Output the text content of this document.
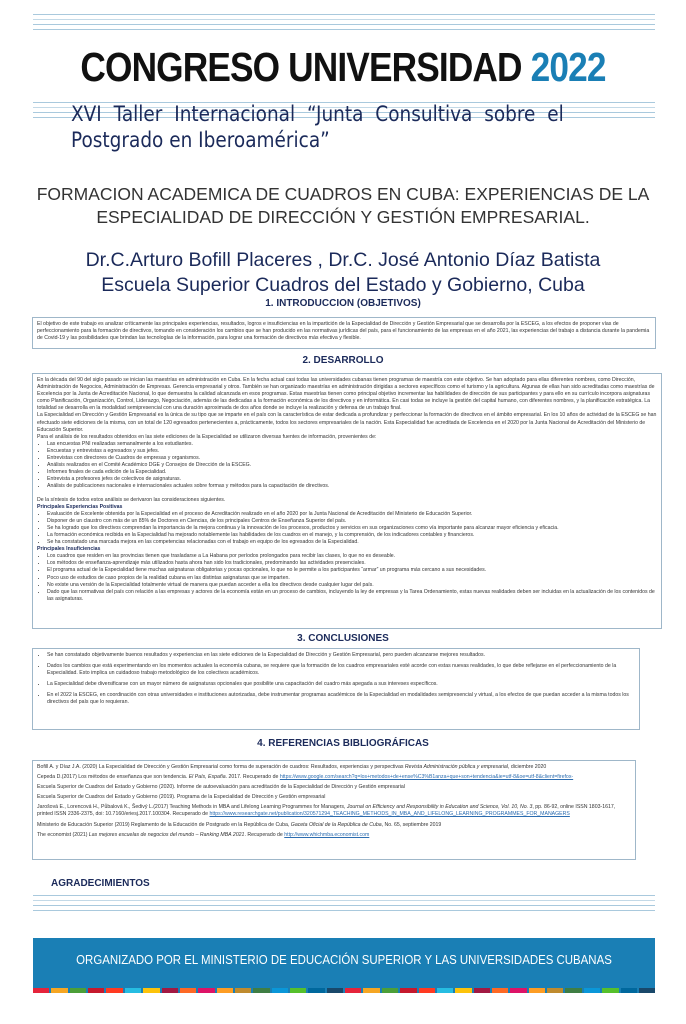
CONGRESO UNIVERSIDAD 2022
XVI Taller Internacional “Junta Consultiva sobre el Postgrado en Iberoamérica”
FORMACION ACADEMICA DE CUADROS EN CUBA: EXPERIENCIAS DE LA
ESPECIALIDAD DE DIRECCIÓN Y GESTIÓN EMPRESARIAL.
Dr.C.Arturo Bofill Placeres , Dr.C. José Antonio Díaz Batista
Escuela Superior Cuadros del Estado y Gobierno, Cuba
1. INTRODUCCION (OBJETIVOS)

El objetivo de este trabajo es analizar críticamente las principales experiencias, resultados, logros e insuficiencias en la impartición de la Especialidad de Dirección y Gestión Empresarial que se desarrolla por la ESCEG, a los efectos de proponer vías de perfeccionamiento para la formación de directivos, tomando en consideración los cambios que se han producido en las normativas jurídicas del país, para el funcionamiento de las empresas en el año 2021, las experiencias del trabajo a distancia durante la pandemia de Covid-19 y las posibilidades que brindan las tecnologías de la información, para lograr una formación de directivos más efectiva y flexible.

2. DESARROLLO

En la década del 90 del siglo pasado se inician las maestrías en administración en Cuba. En la fecha actual casi todas las universidades cubanas tienen programas de maestría con este objetivo. Se han adoptado para ellas diferentes nombres, como Dirección, Administración de Negocios, Administración de Empresas. Gerencia empresarial y otros. También se han organizado maestrías en administración dirigidas a sectores específicos como el turismo y la agricultura. Algunas de ellas han sido acreditadas como maestrías de Excelencia por la Junta de Acreditación Nacional, lo que demuestra la calidad alcanzada en esos programas. Estas maestrías tienen como principal objetivo incrementar las habilidades de dirección de sus participantes y para ello en su currículo incorpora asignaturas como Planificación, Organización, Control, Liderazgo, Negociación, además de las dedicadas a la formación económica de los directivos y en informática. En casi todas se incluye la gestión del capital humano, con diferentes nombres, y la planificación estratégica. La totalidad se desarrolla en la modalidad semipresencial con una duración aproximada de dos años donde se incluye la realización y defensa de un trabajo final.

La Especialidad en Dirección y Gestión Empresarial es la única de su tipo que se imparte en el país con la característica de estar dedicada a profundizar y perfeccionar la formación de directivos en el ámbito empresarial. En los 10 años de actividad de la ESCEG se han efectuado siete ediciones de la misma, con un total de 120 egresados pertenecientes a, prácticamente, todos los sectores empresariales de la nación. Esta Especialidad fue acreditada de Excelencia en el 2020 por la Junta Nacional de Acreditación del Ministerio de Educación Superior.

Para el análisis de los resultados obtenidos en las siete ediciones de la Especialidad se utilizaron diversas fuentes de información, provenientes de:

• Las encuestas PNI realizadas semanalmente a los estudiantes.
• Encuestas y entrevistas a egresados y sus jefes.
• Entrevistas con directores de Cuadros de empresas y organismos.
• Análisis realizados en el Comité Académico DGE y Consejos de Dirección de la ESCEG.
• Informes finales de cada edición de la Especialidad.
• Entrevista a profesores jefes de colectivos de asignaturas.
• Análisis de publicaciones nacionales e internacionales actuales sobre formas y métodos para la capacitación de directivos.

De la síntesis de todos estos análisis se derivaron las consideraciones siguientes.

Principales Experiencias Positivas

• Evaluación de Excelente obtenida por la Especialidad en el proceso de Acreditación realizado en el año 2020 por la Junta Nacional de Acreditación del Ministerio de Educación Superior.
• Disponer de un claustro con más de un 85% de Doctores en Ciencias, de los principales Centros de Enseñanza Superior del país.
• Se ha logrado que los directivos comprendan la importancia de la mejora continua y la innovación de los procesos, productos y servicios en sus organizaciones como vía importante para alcanzar mayor eficiencia y eficacia.
• La formación económica recibida en la Especialidad ha mejorado notablemente las habilidades de los cuadros en el manejo, y la comprensión, de los indicadores contables y financieros.
• Se ha constatado una marcada mejora en las competencias relacionadas con el trabajo en equipo de los egresados de la Especialidad.

Principales Insuficiencias

• Los cuadros que residen en las provincias tienen que trasladarse a La Habana por períodos prolongados para recibir las clases, lo que no es deseable.
• Los métodos de enseñanza-aprendizaje más utilizados hasta ahora han sido los tradicionales, predominando las actividades presenciales.
• El programa actual de la Especialidad tiene muchas asignaturas obligatorias y pocas opcionales, lo que no le permite a los participantes “armar” un programa más cercano a sus necesidades.
• Poco uso de estudios de caso propios de la realidad cubana en las distintas asignaturas que se imparten.
• No existe una versión de la Especialidad totalmente virtual de manera que puedan acceder a ella los directivos desde cualquier lugar del país.
• Dado que las normativas del país con relación a las empresas y actores de la economía están en un proceso de cambios, incluyendo la ley de empresas y la Tarea Ordenamiento, estas nuevas realidades deben ser incluidas en la actualización de los contenidos de las asignaturas.
3. CONCLUSIONES
• Se han constatado objetivamente buenos resultados y experiencias en las siete ediciones de la Especialidad de Dirección y Gestión Empresarial, pero pueden alcanzarse mejores resultados.
• Dados los cambios que está experimentando en los momentos actuales la economía cubana, se requiere que la formación de los cuadros empresariales esté acorde con estas nuevas realidades, lo que debe reflejarse en el perfeccionamiento de la Especialidad. Esto implica un cuidadoso trabajo metodológico de los colectivos académicos.
• La Especialidad debe diversificarse con un mayor número de asignaturas opcionales que posibilite una capacitación del cuadro más apegada a sus intereses específicos.
• En el 2022 la ESCEG, en coordinación con otras universidades e instituciones autorizadas, debe instrumentar programas académicos de la Especialidad en modalidades semipresencial y virtual, a los efectos de que puedan acceder a la misma todos los directivos del país que lo requieran.
4. REFERENCIAS BIBLIOGRÁFICAS

Bofill A. y Díaz J.A. (2020) La Especialidad de Dirección y Gestión Empresarial como forma de superación de cuadros: Resultados, experiencias y perspectivas Revista Administración pública y empresarial, diciembre 2020

Cepeda D.(2017) Los métodos de enseñanza que son tendencia. El País, España. 2017. Recuperado de https://www.google.com/search?q=los+metodos+de+ense%C3%B1anza+que+son+tendencia&ie=utf-8&oe=utf-8&client=firefox-

Escuela Superior de Cuadros del Estado y Gobierno (2020). Informe de autoevaluación para acreditación de la Especialidad de Dirección y Gestión empresarial

Escuela Superior de Cuadros del Estado y Gobierno (2019). Programa de la Especialidad de Dirección y Gestión empresarial

Jarošová E., Lorencová H., Půbalová K., Šedivý L.(2017) Teaching Methods in MBA and Lifelong Learning Programmes for Managers, Journal on Efficiency and Responsibility in Education and Science, Vol. 10, No. 3, pp. 86-92, online ISSN 1803-1617, printed ISSN 2336-2375, doi: 10.7160/eriesj.2017.100304. Recuperado de https://www.researchgate.net/publication/320571294_TEACHING_METHODS_IN_MBA_AND_LIFELONG_LEARNING_PROGRAMMES_FOR_MANAGERS

Ministerio de Educación Superior (2019) Reglamento de la Educación de Postgrado en la República de Cuba, Gaceta Oficial de la República de Cuba, No. 65, septiembre 2019

The economist (2021) Las mejores escuelas de negocios del mundo – Ranking MBA 2021. Recuperado de http://www.whichmba.economist.com

AGRADECIMIENTOS
ORGANIZADO POR EL MINISTERIO DE EDUCACIÓN SUPERIOR Y LAS UNIVERSIDADES CUBANAS
